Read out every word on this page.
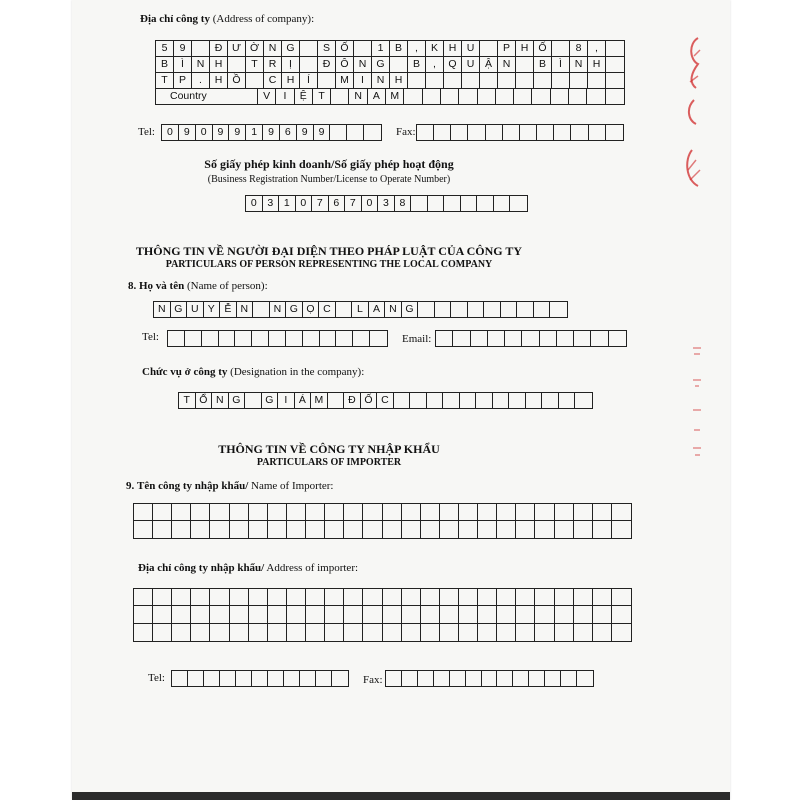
Địa chỉ công ty (Address of company):
5	9	Đ Ư Ờ N G	S Ố	1	B	,	K	H U	P	H Ố	8	,
B	Ì	N H	T	R	Ị	Đ Ô N G	B	,	Q U	Ậ	N	B	Ì	N H
T	P	.	H Ồ	C H	Í	M	I	N H
Country	V	I	Ệ	T	N	A M
Tel:	0	9	0	9	9	1	9	6	9	9	Fax:
Số giấy phép kinh doanh/Số giấy phép hoạt động
(Business Registration Number/License to Operate Number)
0	3	1	0	7	6	7	0	3	8
THÔNG TIN VỀ NGƯỜI ĐẠI DIỆN THEO PHÁP LUẬT CỦA CÔNG TY
PARTICULARS OF PERSON REPRESENTING THE LOCAL COMPANY
8. Họ và tên (Name of person):
N G U Y Ễ N	N G Ọ C	L A N G
Tel:	Email:
Chức vụ ở công ty (Designation in the company):
T Ổ N G	G	I	Á M	Đ Ố C
THÔNG TIN VỀ CÔNG TY NHẬP KHẨU
PARTICULARS OF IMPORTER
9. Tên công ty nhập khẩu/ Name of Importer:
Địa chỉ công ty nhập khẩu/ Address of importer:
Tel:	Fax:
